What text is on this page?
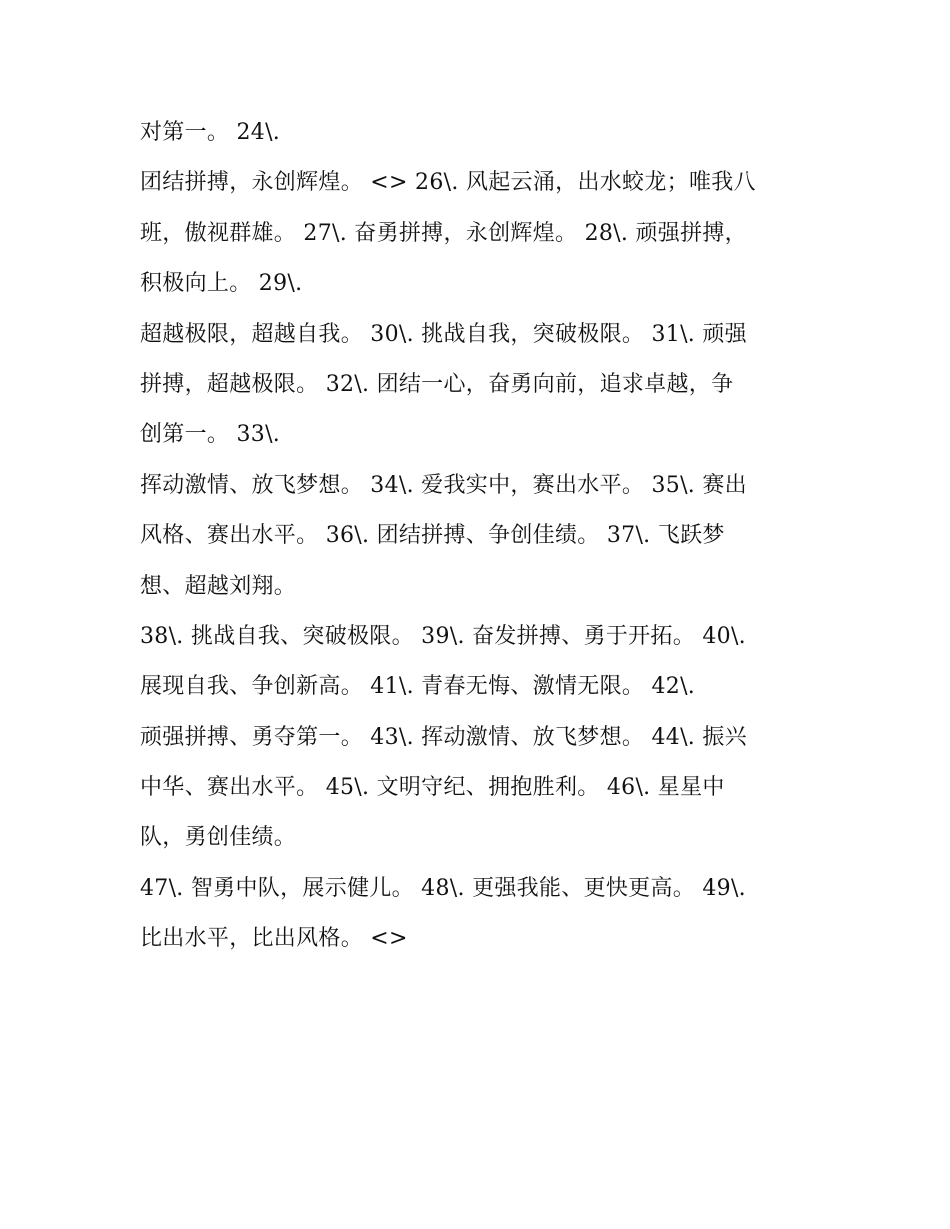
对第一。 24\.
团结拼搏，永创辉煌。 <> 26\. 风起云涌，出水蛟龙；唯我八
班，傲视群雄。 27\. 奋勇拼搏，永创辉煌。 28\. 顽强拼搏，
积极向上。 29\.
超越极限，超越自我。 30\. 挑战自我，突破极限。 31\. 顽强
拼搏，超越极限。 32\. 团结一心，奋勇向前，追求卓越，争
创第一。 33\.
挥动激情、放飞梦想。 34\. 爱我实中，赛出水平。 35\. 赛出
风格、赛出水平。 36\. 团结拼搏、争创佳绩。 37\. 飞跃梦
想、超越刘翔。
38\. 挑战自我、突破极限。 39\. 奋发拼搏、勇于开拓。 40\.
展现自我、争创新高。 41\. 青春无悔、激情无限。 42\.
顽强拼搏、勇夺第一。 43\. 挥动激情、放飞梦想。 44\. 振兴
中华、赛出水平。 45\. 文明守纪、拥抱胜利。 46\. 星星中
队，勇创佳绩。
47\. 智勇中队，展示健儿。 48\. 更强我能、更快更高。 49\.
比出水平，比出风格。 <>
